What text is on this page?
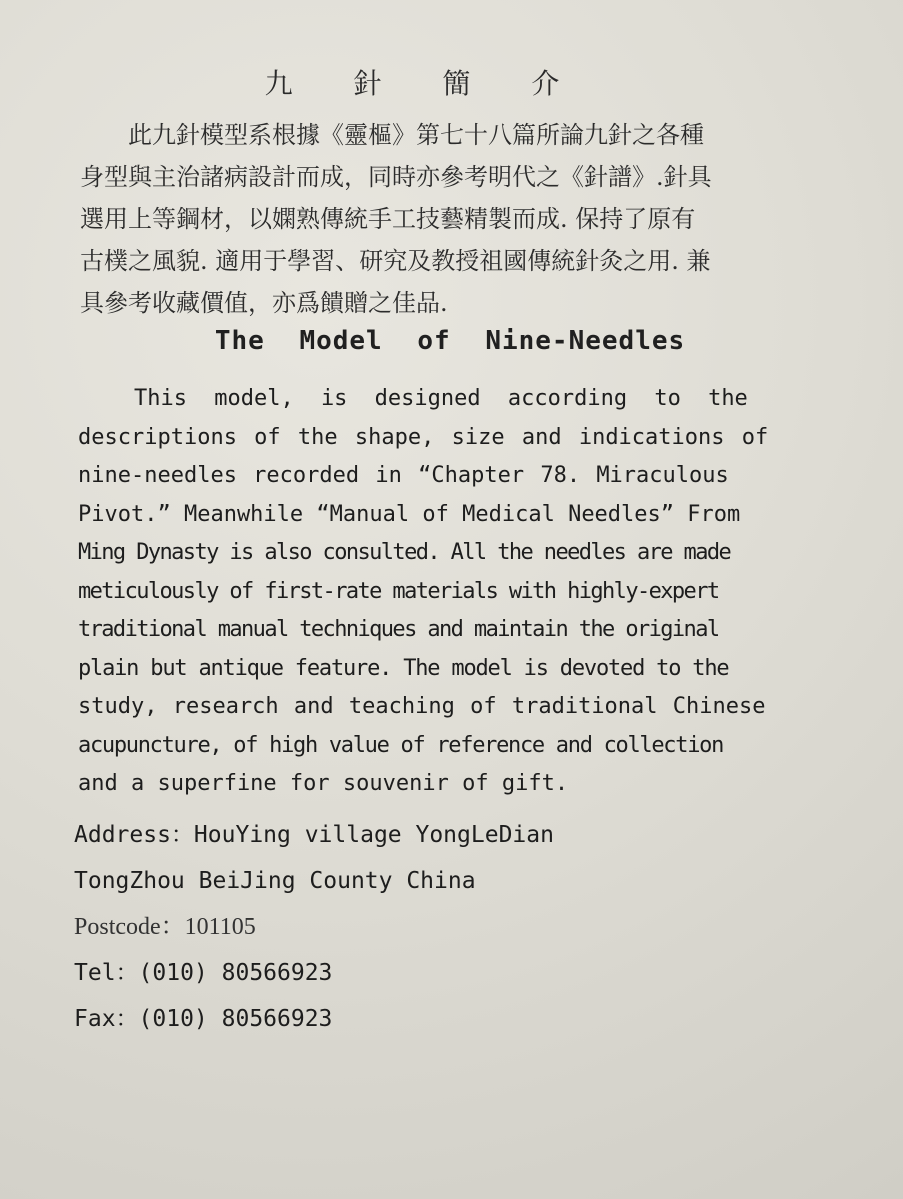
九 針 簡 介
此九針模型系根據《靈樞》第七十八篇所論九針之各種
身型與主治諸病設計而成，同時亦參考明代之《針譜》.針具
選用上等鋼材，以嫻熟傳統手工技藝精製而成. 保持了原有
古樸之風貌. 適用于學習、研究及教授祖國傳統針灸之用. 兼
具參考收藏價值，亦爲饋贈之佳品.
The Model of Nine-Needles
This model, is designed according to the
descriptions of the shape, size and indications of
nine-needles recorded in “Chapter 78. Miraculous
Pivot.” Meanwhile “Manual of Medical Needles” From
Ming Dynasty is also consulted. All the needles are made
meticulously of first-rate materials with highly-expert
traditional manual techniques and maintain the original
plain but antique feature. The model is devoted to the
study, research and teaching of traditional Chinese
acupuncture, of high value of reference and collection
and a superfine for souvenir of gift.
Address：HouYing village YongLeDian
TongZhou BeiJing County China
Postcode：101105
Tel：(010) 80566923
Fax：(010) 80566923
